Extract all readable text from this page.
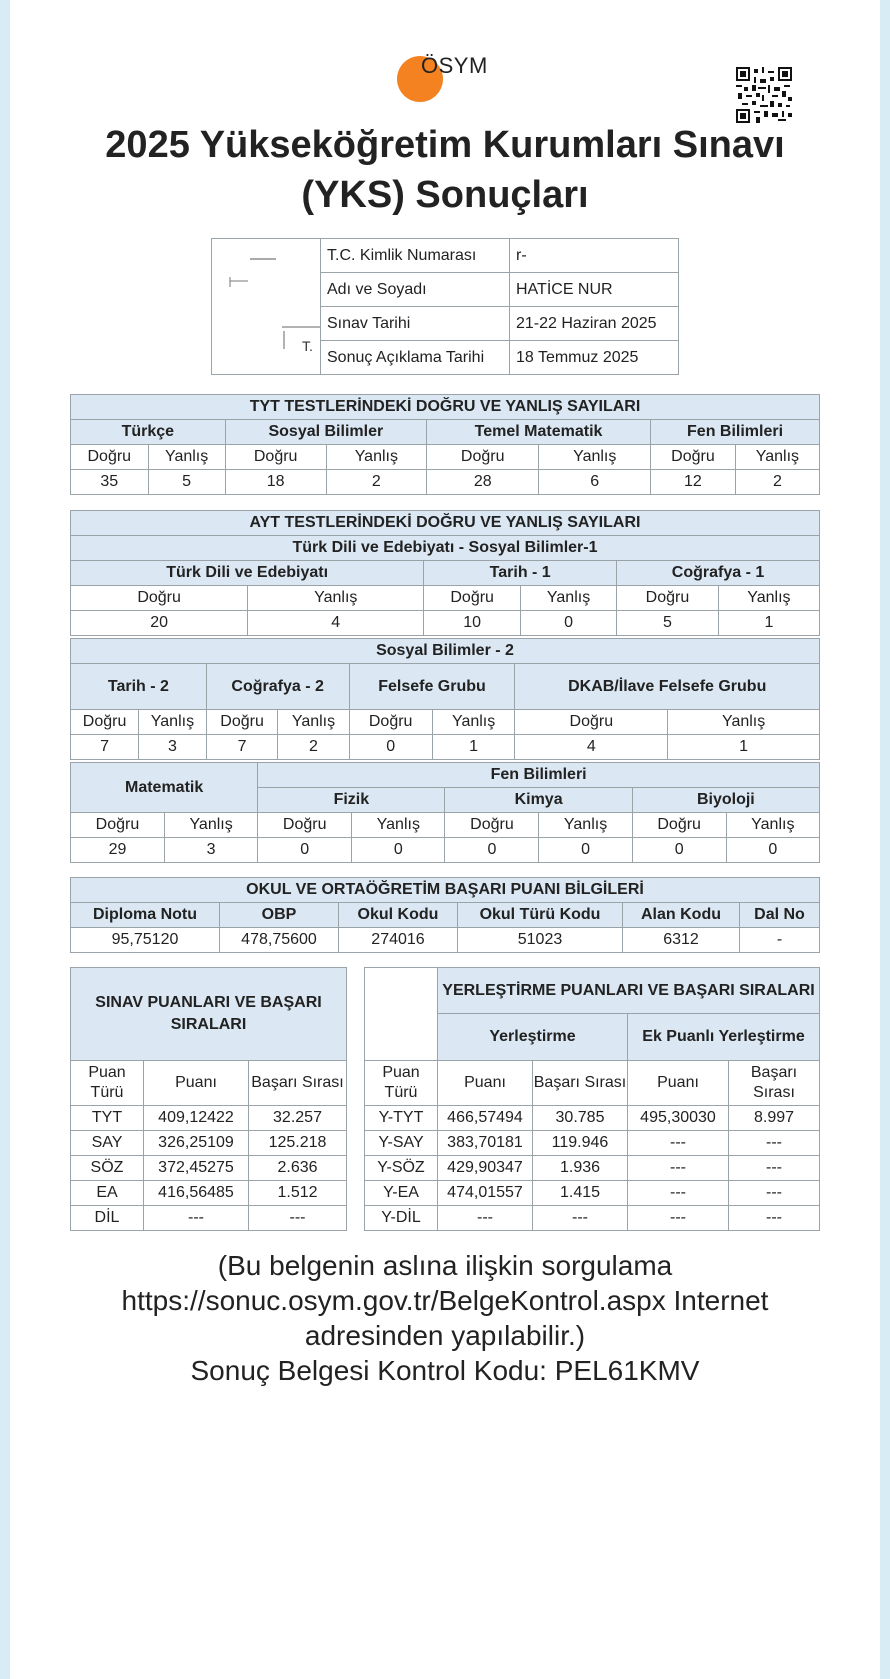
ÖSYM
2025 Yükseköğretim Kurumları Sınavı
(YKS) Sonuçları
T.	T.C. Kimlik Numarası	r-
	Adı ve Soyadı	HATİCE NUR
	Sınav Tarihi	21-22 Haziran 2025
	Sonuç Açıklama Tarihi	18 Temmuz 2025
TYT TESTLERİNDEKİ DOĞRU VE YANLIŞ SAYILARI							
Türkçe		Sosyal Bilimler		Temel Matematik		Fen Bilimleri	
Doğru	Yanlış	Doğru	Yanlış	Doğru	Yanlış	Doğru	Yanlış
35	5	18	2	28	6	12	2
AYT TESTLERİNDEKİ DOĞRU VE YANLIŞ SAYILARI					
Türk Dili ve Edebiyatı - Sosyal Bilimler-1					
Türk Dili ve Edebiyatı		Tarih - 1		Coğrafya - 1	
Doğru	Yanlış	Doğru	Yanlış	Doğru	Yanlış
20	4	10	0	5	1
Sosyal Bilimler - 2							
Tarih - 2		Coğrafya - 2		Felsefe Grubu		DKAB/İlave Felsefe Grubu	
Doğru	Yanlış	Doğru	Yanlış	Doğru	Yanlış	Doğru	Yanlış
7	3	7	2	0	1	4	1
Matematik		Fen Bilimleri					
		Fizik		Kimya		Biyoloji	
Doğru	Yanlış	Doğru	Yanlış	Doğru	Yanlış	Doğru	Yanlış
29	3	0	0	0	0	0	0
OKUL VE ORTAÖĞRETİM BAŞARI PUANI BİLGİLERİ					
Diploma Notu	OBP	Okul Kodu	Okul Türü Kodu	Alan Kodu	Dal No
95,75120	478,75600	274016	51023	6312	-
SINAV PUANLARI VE BAŞARI SIRALARI		
Puan Türü	Puanı	Başarı Sırası
TYT	409,12422	32.257
SAY	326,25109	125.218
SÖZ	372,45275	2.636
EA	416,56485	1.512
DİL	---	---
	YERLEŞTİRME PUANLARI VE BAŞARI SIRALARI			
	Yerleştirme		Ek Puanlı Yerleştirme	
Puan Türü	Puanı	Başarı Sırası	Puanı	Başarı Sırası
Y-TYT	466,57494	30.785	495,30030	8.997
Y-SAY	383,70181	119.946	---	---
Y-SÖZ	429,90347	1.936	---	---
Y-EA	474,01557	1.415	---	---
Y-DİL	---	---	---	---
(Bu belgenin aslına ilişkin sorgulama
https://sonuc.osym.gov.tr/BelgeKontrol.aspx Internet
adresinden yapılabilir.)
Sonuç Belgesi Kontrol Kodu: PEL61KMV
